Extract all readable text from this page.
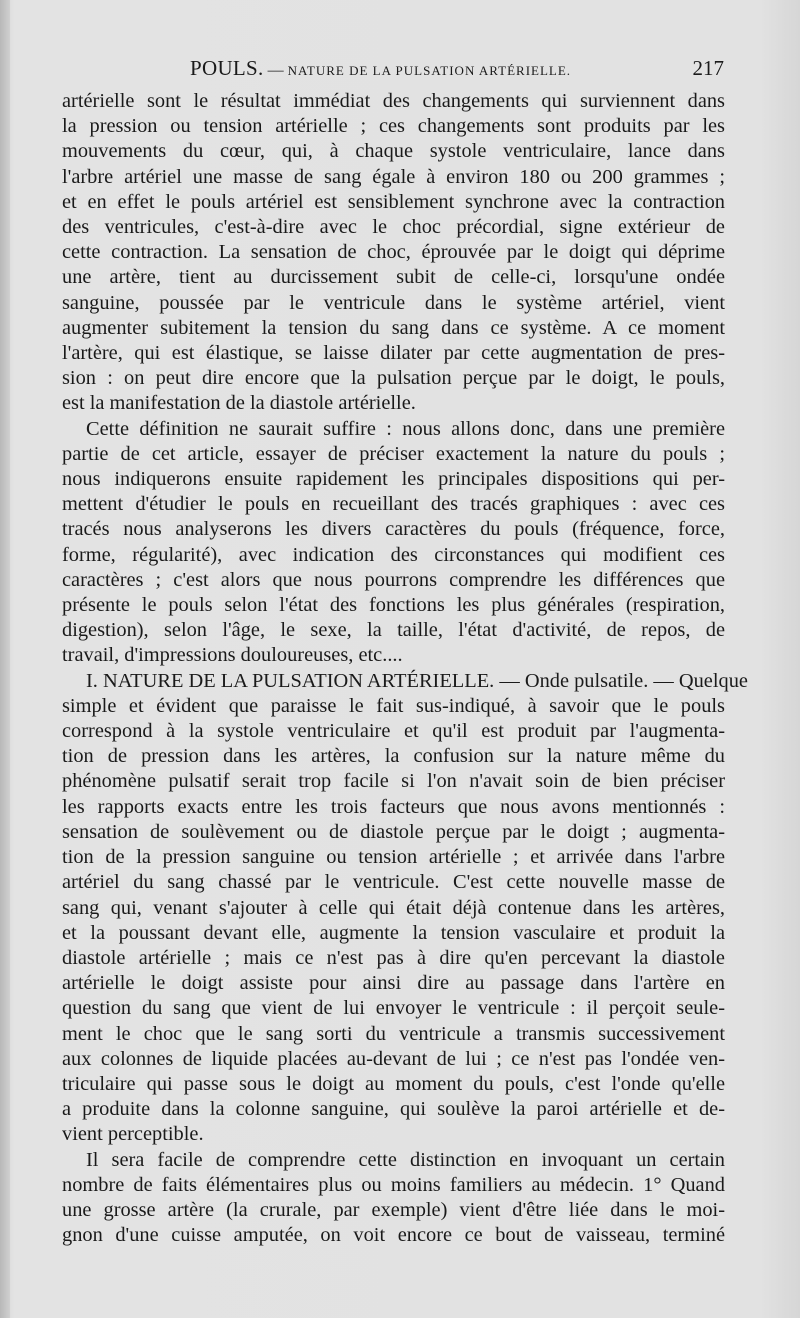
POULS. — NATURE DE LA PULSATION ARTÉRIELLE.	217

artérielle sont le résultat immédiat des changements qui surviennent dans
la pression ou tension artérielle ; ces changements sont produits par les
mouvements du cœur, qui, à chaque systole ventriculaire, lance dans
l'arbre artériel une masse de sang égale à environ 180 ou 200 grammes ;
et en effet le pouls artériel est sensiblement synchrone avec la contraction
des ventricules, c'est-à-dire avec le choc précordial, signe extérieur de
cette contraction. La sensation de choc, éprouvée par le doigt qui déprime
une artère, tient au durcissement subit de celle-ci, lorsqu'une ondée
sanguine, poussée par le ventricule dans le système artériel, vient
augmenter subitement la tension du sang dans ce système. A ce moment
l'artère, qui est élastique, se laisse dilater par cette augmentation de pres-
sion : on peut dire encore que la pulsation perçue par le doigt, le pouls,
est la manifestation de la diastole artérielle.

Cette définition ne saurait suffire : nous allons donc, dans une première
partie de cet article, essayer de préciser exactement la nature du pouls ;
nous indiquerons ensuite rapidement les principales dispositions qui per-
mettent d'étudier le pouls en recueillant des tracés graphiques : avec ces
tracés nous analyserons les divers caractères du pouls (fréquence, force,
forme, régularité), avec indication des circonstances qui modifient ces
caractères ; c'est alors que nous pourrons comprendre les différences que
présente le pouls selon l'état des fonctions les plus générales (respiration,
digestion), selon l'âge, le sexe, la taille, l'état d'activité, de repos, de
travail, d'impressions douloureuses, etc....

I. NATURE DE LA PULSATION ARTÉRIELLE. — Onde pulsatile. — Quelque
simple et évident que paraisse le fait sus-indiqué, à savoir que le pouls
correspond à la systole ventriculaire et qu'il est produit par l'augmenta-
tion de pression dans les artères, la confusion sur la nature même du
phénomène pulsatif serait trop facile si l'on n'avait soin de bien préciser
les rapports exacts entre les trois facteurs que nous avons mentionnés :
sensation de soulèvement ou de diastole perçue par le doigt ; augmenta-
tion de la pression sanguine ou tension artérielle ; et arrivée dans l'arbre
artériel du sang chassé par le ventricule. C'est cette nouvelle masse de
sang qui, venant s'ajouter à celle qui était déjà contenue dans les artères,
et la poussant devant elle, augmente la tension vasculaire et produit la
diastole artérielle ; mais ce n'est pas à dire qu'en percevant la diastole
artérielle le doigt assiste pour ainsi dire au passage dans l'artère en
question du sang que vient de lui envoyer le ventricule : il perçoit seule-
ment le choc que le sang sorti du ventricule a transmis successivement
aux colonnes de liquide placées au-devant de lui ; ce n'est pas l'ondée ven-
triculaire qui passe sous le doigt au moment du pouls, c'est l'onde qu'elle
a produite dans la colonne sanguine, qui soulève la paroi artérielle et de-
vient perceptible.

Il sera facile de comprendre cette distinction en invoquant un certain
nombre de faits élémentaires plus ou moins familiers au médecin. 1° Quand
une grosse artère (la crurale, par exemple) vient d'être liée dans le moi-
gnon d'une cuisse amputée, on voit encore ce bout de vaisseau, terminé
